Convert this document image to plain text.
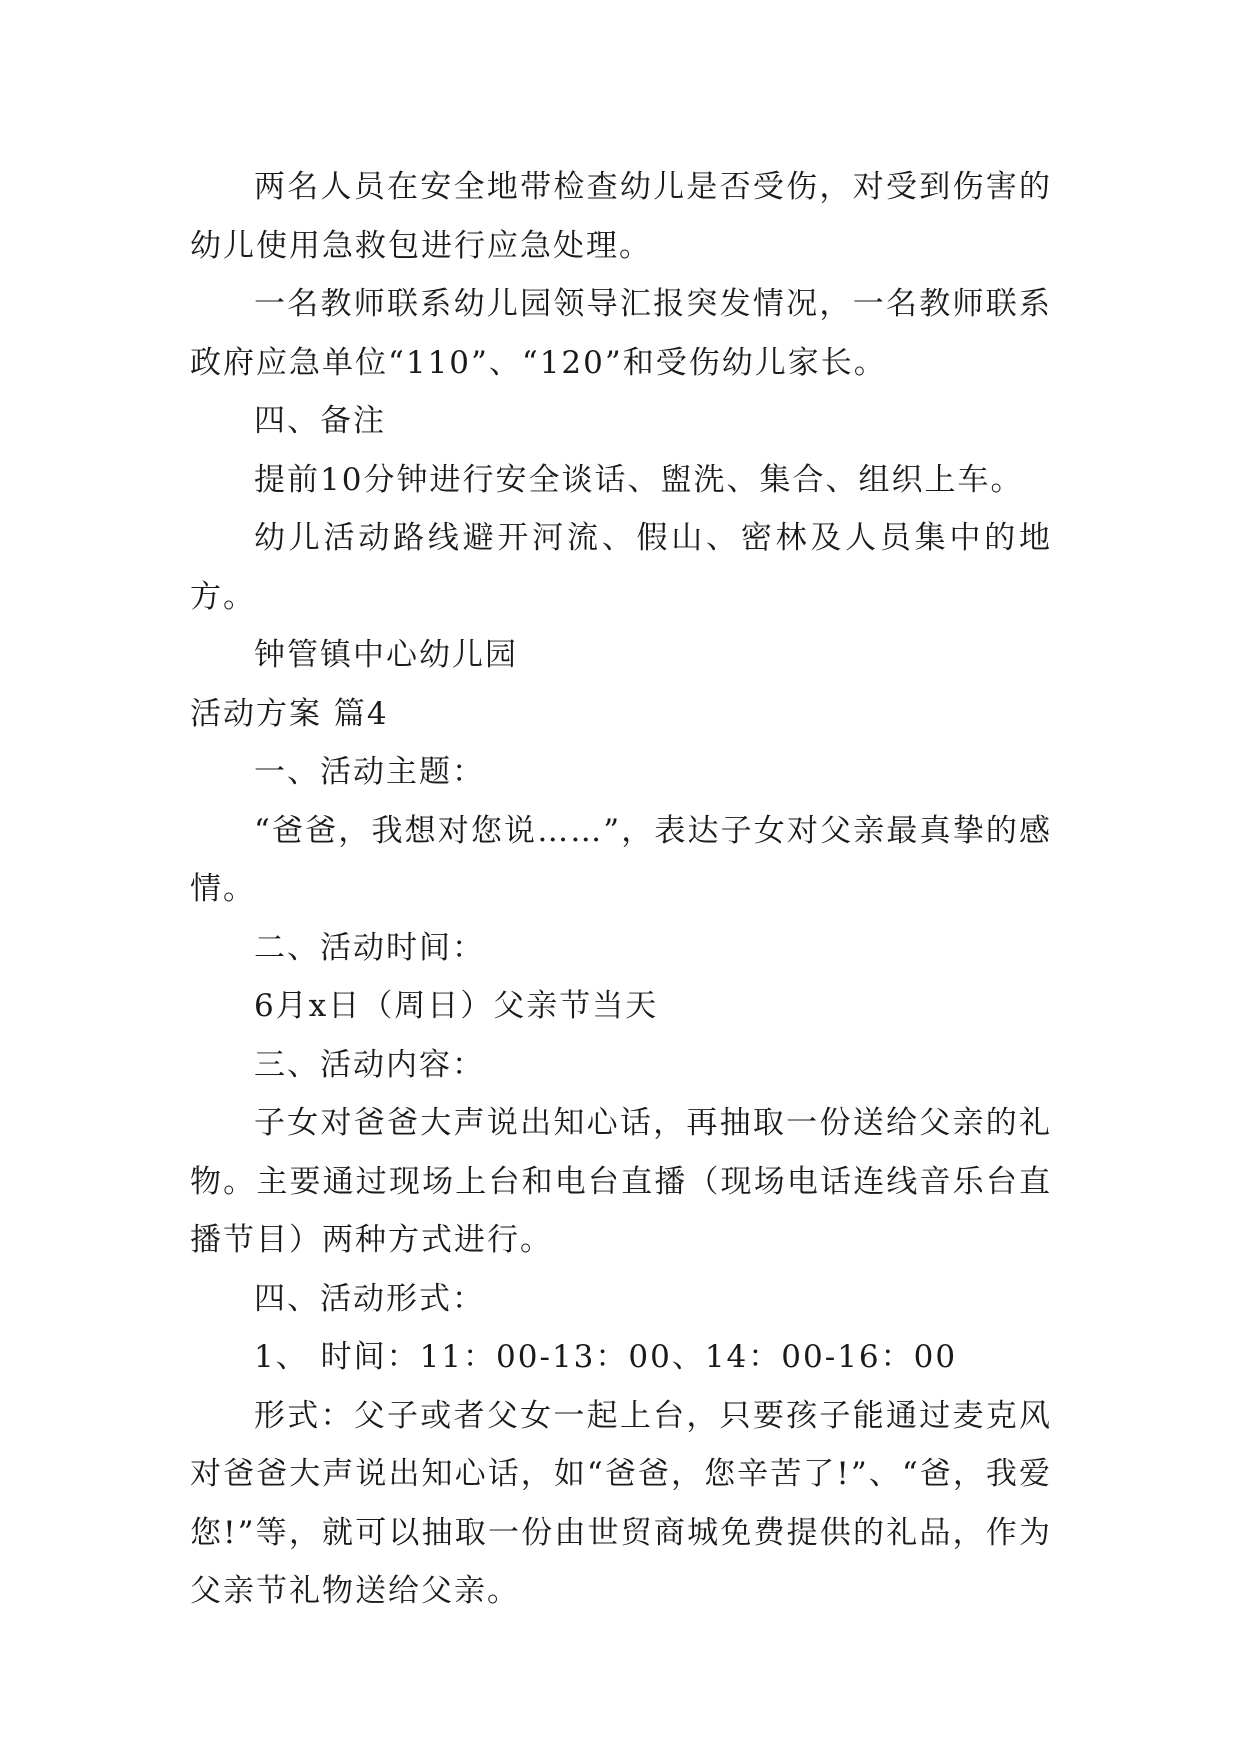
两名人员在安全地带检查幼儿是否受伤，对受到伤害的幼儿使用急救包进行应急处理。

一名教师联系幼儿园领导汇报突发情况，一名教师联系政府应急单位“110”、“120”和受伤幼儿家长。

四、备注

提前10分钟进行安全谈话、盥洗、集合、组织上车。

幼儿活动路线避开河流、假山、密林及人员集中的地方。

钟管镇中心幼儿园

活动方案 篇4

一、活动主题：

“爸爸，我想对您说……”，表达子女对父亲最真挚的感情。

二、活动时间：

6月x日（周日）父亲节当天

三、活动内容：

子女对爸爸大声说出知心话，再抽取一份送给父亲的礼物。主要通过现场上台和电台直播（现场电话连线音乐台直播节目）两种方式进行。

四、活动形式：

1、 时间：11：00-13：00、14：00-16：00

形式：父子或者父女一起上台，只要孩子能通过麦克风对爸爸大声说出知心话，如“爸爸，您辛苦了!”、“爸，我爱您!”等，就可以抽取一份由世贸商城免费提供的礼品，作为父亲节礼物送给父亲。
